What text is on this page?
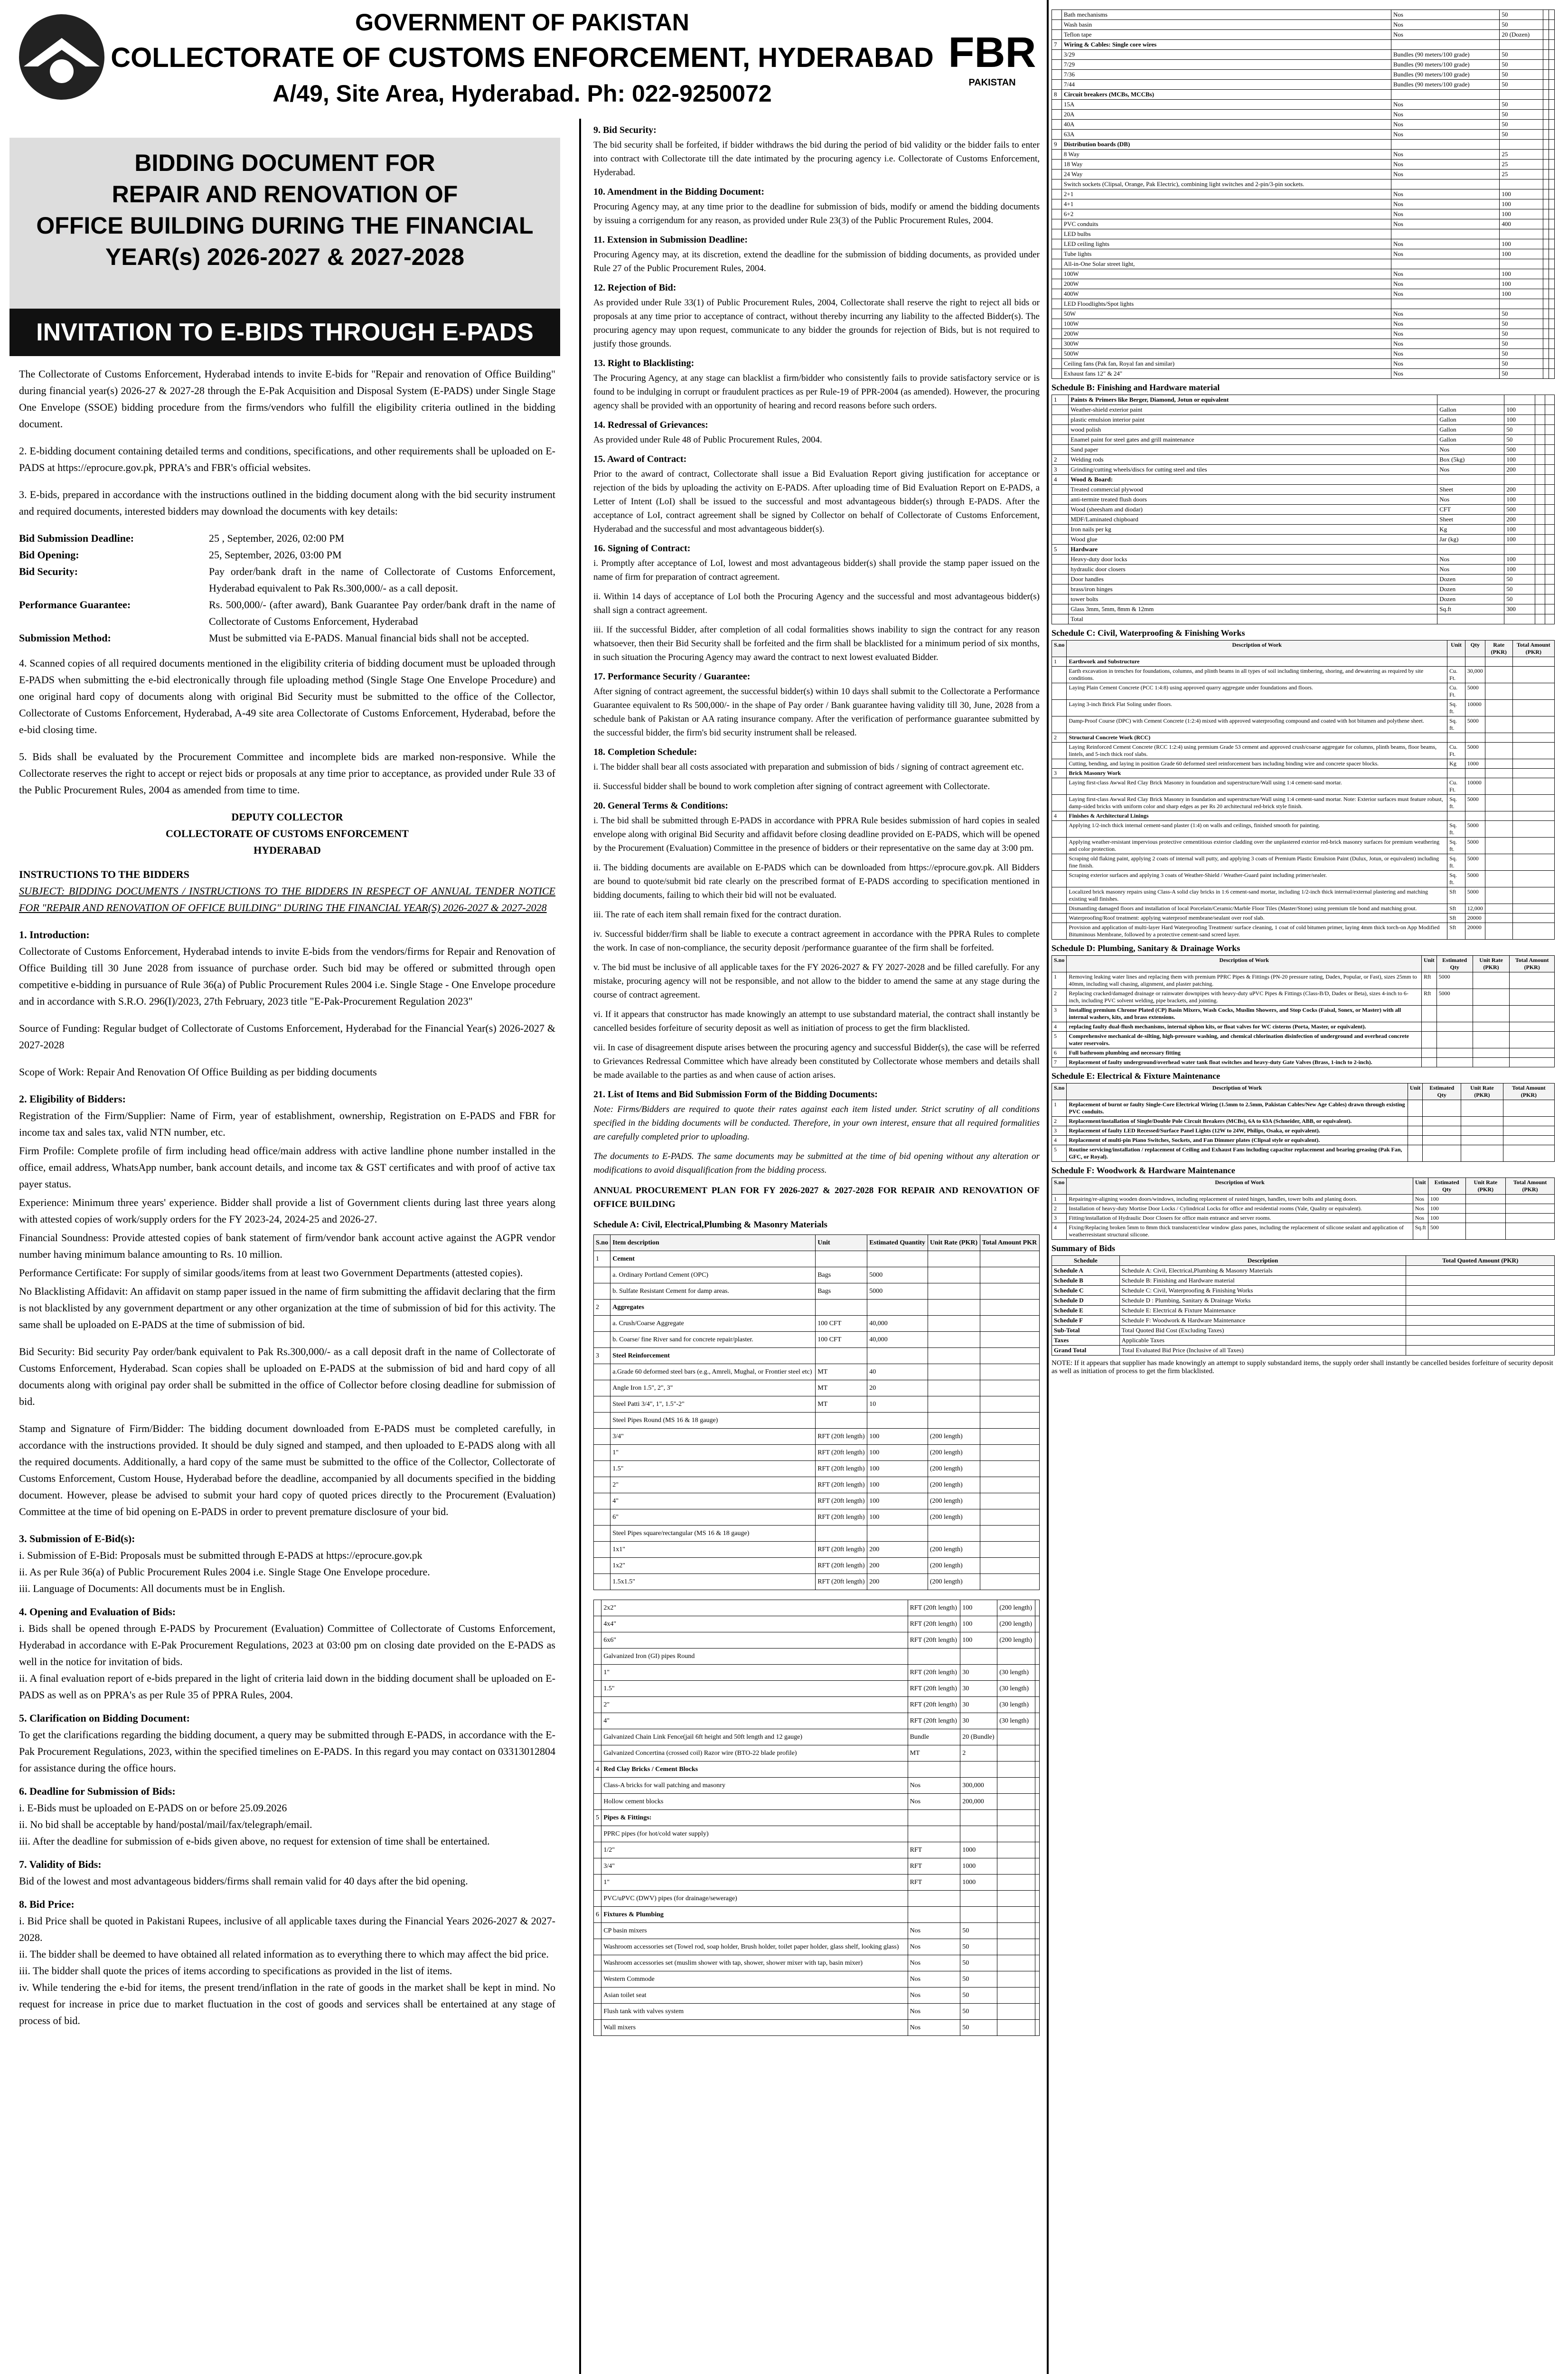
GOVERNMENT OF PAKISTAN
COLLECTORATE OF CUSTOMS ENFORCEMENT, HYDERABAD
A/49, Site Area, Hyderabad. Ph: 022-9250072
FBR
PAKISTAN
BIDDING DOCUMENT FOR
REPAIR AND RENOVATION OF
OFFICE BUILDING DURING THE FINANCIAL
YEAR(s) 2026-2027 & 2027-2028
INVITATION TO E-BIDS THROUGH E-PADS

The Collectorate of Customs Enforcement, Hyderabad intends to invite E-bids for "Repair and renovation of Office Building" during financial year(s) 2026-27 & 2027-28 through the E-Pak Acquisition and Disposal System (E-PADS) under Single Stage One Envelope (SSOE) bidding procedure from the firms/vendors who fulfill the eligibility criteria outlined in the bidding document.

2. E-bidding document containing detailed terms and conditions, specifications, and other requirements shall be uploaded on E-PADS at https://eprocure.gov.pk, PPRA's and FBR's official websites.

3. E-bids, prepared in accordance with the instructions outlined in the bidding document along with the bid security instrument and required documents, interested bidders may download the documents with key details:

Bid Submission Deadline:	25 , September, 2026, 02:00 PM
Bid Opening:	25, September, 2026, 03:00 PM
Bid Security:	Pay order/bank draft in the name of Collectorate of Customs Enforcement, Hyderabad equivalent to Pak Rs.300,000/- as a call deposit.
Performance Guarantee:	Rs. 500,000/- (after award), Bank Guarantee Pay order/bank draft in the name of Collectorate of Customs Enforcement, Hyderabad
Submission Method:	Must be submitted via E-PADS. Manual financial bids shall not be accepted.

4. Scanned copies of all required documents mentioned in the eligibility criteria of bidding document must be uploaded through E-PADS when submitting the e-bid electronically through file uploading method (Single Stage One Envelope Procedure) and one original hard copy of documents along with original Bid Security must be submitted to the office of the Collector, Collectorate of Customs Enforcement, Hyderabad, A-49 site area Collectorate of Customs Enforcement, Hyderabad, before the e-bid closing time.

5. Bids shall be evaluated by the Procurement Committee and incomplete bids are marked non-responsive. While the Collectorate reserves the right to accept or reject bids or proposals at any time prior to acceptance, as provided under Rule 33 of the Public Procurement Rules, 2004 as amended from time to time.

DEPUTY COLLECTOR
COLLECTORATE OF CUSTOMS ENFORCEMENT
HYDERABAD
INSTRUCTIONS TO THE BIDDERS

SUBJECT: BIDDING DOCUMENTS / INSTRUCTIONS TO THE BIDDERS IN RESPECT OF ANNUAL TENDER NOTICE FOR "REPAIR AND RENOVATION OF OFFICE BUILDING" DURING THE FINANCIAL YEAR(S) 2026-2027 & 2027-2028

1. Introduction:

Collectorate of Customs Enforcement, Hyderabad intends to invite E-bids from the vendors/firms for Repair and Renovation of Office Building till 30 June 2028 from issuance of purchase order. Such bid may be offered or submitted through open competitive e-bidding in pursuance of Rule 36(a) of Public Procurement Rules 2004 i.e. Single Stage - One Envelope procedure and in accordance with S.R.O. 296(I)/2023, 27th February, 2023 title "E-Pak-Procurement Regulation 2023"

Source of Funding: Regular budget of Collectorate of Customs Enforcement, Hyderabad for the Financial Year(s) 2026-2027 & 2027-2028

Scope of Work: Repair And Renovation Of Office Building as per bidding documents

2. Eligibility of Bidders:

Registration of the Firm/Supplier: Name of Firm, year of establishment, ownership, Registration on E-PADS and FBR for income tax and sales tax, valid NTN number, etc.

Firm Profile: Complete profile of firm including head office/main address with active landline phone number installed in the office, email address, WhatsApp number, bank account details, and income tax & GST certificates and with proof of active tax payer status.

Experience: Minimum three years' experience. Bidder shall provide a list of Government clients during last three years along with attested copies of work/supply orders for the FY 2023-24, 2024-25 and 2026-27.

Financial Soundness: Provide attested copies of bank statement of firm/vendor bank account active against the AGPR vendor number having minimum balance amounting to Rs. 10 million.

Performance Certificate: For supply of similar goods/items from at least two Government Departments (attested copies).

No Blacklisting Affidavit: An affidavit on stamp paper issued in the name of firm submitting the affidavit declaring that the firm is not blacklisted by any government department or any other organization at the time of submission of bid for this activity. The same shall be uploaded on E-PADS at the time of submission of bid.

Bid Security: Bid security Pay order/bank equivalent to Pak Rs.300,000/- as a call deposit draft in the name of Collectorate of Customs Enforcement, Hyderabad. Scan copies shall be uploaded on E-PADS at the submission of bid and hard copy of all documents along with original pay order shall be submitted in the office of Collector before closing deadline for submission of bid.

Stamp and Signature of Firm/Bidder: The bidding document downloaded from E-PADS must be completed carefully, in accordance with the instructions provided. It should be duly signed and stamped, and then uploaded to E-PADS along with all the required documents. Additionally, a hard copy of the same must be submitted to the office of the Collector, Collectorate of Customs Enforcement, Custom House, Hyderabad before the deadline, accompanied by all documents specified in the bidding document. However, please be advised to submit your hard copy of quoted prices directly to the Procurement (Evaluation) Committee at the time of bid opening on E-PADS in order to prevent premature disclosure of your bid.

3. Submission of E-Bid(s):
i. Submission of E-Bid: Proposals must be submitted through E-PADS at https://eprocure.gov.pk
ii. As per Rule 36(a) of Public Procurement Rules 2004 i.e. Single Stage One Envelope procedure.
iii. Language of Documents: All documents must be in English.
4. Opening and Evaluation of Bids:
i. Bids shall be opened through E-PADS by Procurement (Evaluation) Committee of Collectorate of Customs Enforcement, Hyderabad in accordance with E-Pak Procurement Regulations, 2023 at 03:00 pm on closing date provided on the E-PADS as well in the notice for invitation of bids.
ii. A final evaluation report of e-bids prepared in the light of criteria laid down in the bidding document shall be uploaded on E-PADS as well as on PPRA's as per Rule 35 of PPRA Rules, 2004.
5. Clarification on Bidding Document:
To get the clarifications regarding the bidding document, a query may be submitted through E-PADS, in accordance with the E-Pak Procurement Regulations, 2023, within the specified timelines on E-PADS. In this regard you may contact on 03313012804 for assistance during the office hours.
6. Deadline for Submission of Bids:
i. E-Bids must be uploaded on E-PADS on or before 25.09.2026
ii. No bid shall be acceptable by hand/postal/mail/fax/telegraph/email.
iii. After the deadline for submission of e-bids given above, no request for extension of time shall be entertained.
7. Validity of Bids:
Bid of the lowest and most advantageous bidders/firms shall remain valid for 40 days after the bid opening.
8. Bid Price:
i. Bid Price shall be quoted in Pakistani Rupees, inclusive of all applicable taxes during the Financial Years 2026-2027 & 2027-2028.
ii. The bidder shall be deemed to have obtained all related information as to everything there to which may affect the bid price.
iii. The bidder shall quote the prices of items according to specifications as provided in the list of items.
iv. While tendering the e-bid for items, the present trend/inflation in the rate of goods in the market shall be kept in mind. No request for increase in price due to market fluctuation in the cost of goods and services shall be entertained at any stage of process of bid.
9. Bid Security:

The bid security shall be forfeited, if bidder withdraws the bid during the period of bid validity or the bidder fails to enter into contract with Collectorate till the date intimated by the procuring agency i.e. Collectorate of Customs Enforcement, Hyderabad.

10. Amendment in the Bidding Document:

Procuring Agency may, at any time prior to the deadline for submission of bids, modify or amend the bidding documents by issuing a corrigendum for any reason, as provided under Rule 23(3) of the Public Procurement Rules, 2004.

11. Extension in Submission Deadline:

Procuring Agency may, at its discretion, extend the deadline for the submission of bidding documents, as provided under Rule 27 of the Public Procurement Rules, 2004.

12. Rejection of Bid:

As provided under Rule 33(1) of Public Procurement Rules, 2004, Collectorate shall reserve the right to reject all bids or proposals at any time prior to acceptance of contract, without thereby incurring any liability to the affected Bidder(s). The procuring agency may upon request, communicate to any bidder the grounds for rejection of Bids, but is not required to justify those grounds.

13. Right to Blacklisting:

The Procuring Agency, at any stage can blacklist a firm/bidder who consistently fails to provide satisfactory service or is found to be indulging in corrupt or fraudulent practices as per Rule-19 of PPR-2004 (as amended). However, the procuring agency shall be provided with an opportunity of hearing and record reasons before such orders.

14. Redressal of Grievances:

As provided under Rule 48 of Public Procurement Rules, 2004.

15. Award of Contract:

Prior to the award of contract, Collectorate shall issue a Bid Evaluation Report giving justification for acceptance or rejection of the bids by uploading the activity on E-PADS. After uploading time of Bid Evaluation Report on E-PADS, a Letter of Intent (LoI) shall be issued to the successful and most advantageous bidder(s) through E-PADS. After the acceptance of LoI, contract agreement shall be signed by Collector on behalf of Collectorate of Customs Enforcement, Hyderabad and the successful and most advantageous bidder(s).

16. Signing of Contract:

i. Promptly after acceptance of LoI, lowest and most advantageous bidder(s) shall provide the stamp paper issued on the name of firm for preparation of contract agreement.

ii. Within 14 days of acceptance of LoI both the Procuring Agency and the successful and most advantageous bidder(s) shall sign a contract agreement.

iii. If the successful Bidder, after completion of all codal formalities shows inability to sign the contract for any reason whatsoever, then their Bid Security shall be forfeited and the firm shall be blacklisted for a minimum period of six months, in such situation the Procuring Agency may award the contract to next lowest evaluated Bidder.

17. Performance Security / Guarantee:

After signing of contract agreement, the successful bidder(s) within 10 days shall submit to the Collectorate a Performance Guarantee equivalent to Rs 500,000/- in the shape of Pay order / Bank guarantee having validity till 30, June, 2028 from a schedule bank of Pakistan or AA rating insurance company. After the verification of performance guarantee submitted by the successful bidder, the firm's bid security instrument shall be released.

18. Completion Schedule:

i. The bidder shall bear all costs associated with preparation and submission of bids / signing of contract agreement etc.

ii. Successful bidder shall be bound to work completion after signing of contract agreement with Collectorate.

20. General Terms & Conditions:

i. The bid shall be submitted through E-PADS in accordance with PPRA Rule besides submission of hard copies in sealed envelope along with original Bid Security and affidavit before closing deadline provided on E-PADS, which will be opened by the Procurement (Evaluation) Committee in the presence of bidders or their representative on the same day at 3:00 pm.

ii. The bidding documents are available on E-PADS which can be downloaded from https://eprocure.gov.pk. All Bidders are bound to quote/submit bid rate clearly on the prescribed format of E-PADS according to specification mentioned in bidding documents, failing to which their bid will not be evaluated.

iii. The rate of each item shall remain fixed for the contract duration.

iv. Successful bidder/firm shall be liable to execute a contract agreement in accordance with the PPRA Rules to complete the work. In case of non-compliance, the security deposit /performance guarantee of the firm shall be forfeited.

v. The bid must be inclusive of all applicable taxes for the FY 2026-2027 & FY 2027-2028 and be filled carefully. For any mistake, procuring agency will not be responsible, and not allow to the bidder to amend the same at any stage during the course of contract agreement.

vi. If it appears that constructor has made knowingly an attempt to use substandard material, the contract shall instantly be cancelled besides forfeiture of security deposit as well as initiation of process to get the firm blacklisted.

vii. In case of disagreement dispute arises between the procuring agency and successful Bidder(s), the case will be referred to Grievances Redressal Committee which have already been constituted by Collectorate whose members and details shall be made available to the parties as and when cause of action arises.

21. List of Items and Bid Submission Form of the Bidding Documents:

Note: Firms/Bidders are required to quote their rates against each item listed under. Strict scrutiny of all conditions specified in the bidding documents will be conducted. Therefore, in your own interest, ensure that all required formalities are carefully completed prior to uploading.

The documents to E-PADS. The same documents may be submitted at the time of bid opening without any alteration or modifications to avoid disqualification from the bidding process.

ANNUAL PROCUREMENT PLAN FOR FY 2026-2027 & 2027-2028 FOR REPAIR AND RENOVATION OF OFFICE BUILDING
Schedule A: Civil, Electrical,Plumbing & Masonry Materials
S.no	Item description	Unit	Estimated Quantity	Unit Rate (PKR)	Total Amount PKR
1	Cement				
	a. Ordinary Portland Cement (OPC)	Bags	5000		
	b. Sulfate Resistant Cement for damp areas.	Bags	5000		
2	Aggregates				
	a. Crush/Coarse Aggregate	100 CFT	40,000		
	b. Coarse/ fine River sand for concrete repair/plaster.	100 CFT	40,000		
3	Steel Reinforcement				
	a.Grade 60 deformed steel bars (e.g., Amreli, Mughal, or Frontier steel etc)	MT	40		
	Angle Iron 1.5", 2", 3"	MT	20		
	Steel Patti 3/4", 1", 1.5"-2"	MT	10		
	Steel Pipes Round (MS 16 & 18 gauge)				
	3/4"	RFT (20ft length)	100	(200 length)	
	1"	RFT (20ft length)	100	(200 length)	
	1.5"	RFT (20ft length)	100	(200 length)	
	2"	RFT (20ft length)	100	(200 length)	
	4"	RFT (20ft length)	100	(200 length)	
	6"	RFT (20ft length)	100	(200 length)	
	Steel Pipes square/rectangular (MS 16 & 18 gauge)				
	1x1"	RFT (20ft length)	200	(200 length)	
	1x2"	RFT (20ft length)	200	(200 length)	
	1.5x1.5"	RFT (20ft length)	200	(200 length)	
	2x2"	RFT (20ft length)	100	(200 length)	
	4x4"	RFT (20ft length)	100	(200 length)	
	6x6"	RFT (20ft length)	100	(200 length)	
	Galvanized Iron (GI) pipes Round				
	1"	RFT (20ft length)	30	(30 length)	
	1.5"	RFT (20ft length)	30	(30 length)	
	2"	RFT (20ft length)	30	(30 length)	
	4"	RFT (20ft length)	30	(30 length)	
	Galvanized Chain Link Fence(jail 6ft height and 50ft length and 12 gauge)	Bundle	20 (Bundle)		
	Galvanized Concertina (crossed coil) Razor wire (BTO-22 blade profile)	MT	2		
4	Red Clay Bricks / Cement Blocks				
	Class-A bricks for wall patching and masonry	Nos	300,000		
	Hollow cement blocks	Nos	200,000		
5	Pipes & Fittings:				
	PPRC pipes (for hot/cold water supply)				
	1/2"	RFT	1000		
	3/4"	RFT	1000		
	1"	RFT	1000		
	PVC/uPVC (DWV) pipes (for drainage/sewerage)				
6	Fixtures & Plumbing				
	CP basin mixers	Nos	50		
	Washroom accessories set (Towel rod, soap holder, Brush holder, toilet paper holder, glass shelf, looking glass)	Nos	50		
	Washroom accessories set (muslim shower with tap, shower, shower mixer with tap, basin mixer)	Nos	50		
	Western Commode	Nos	50		
	Asian toilet seat	Nos	50		
	Flush tank with valves system	Nos	50		
	Wall mixers	Nos	50		
	Bath mechanisms	Nos	50		
	Wash basin	Nos	50		
	Teflon tape	Nos	20 (Dozen)		
7	Wiring & Cables: Single core wires				
	3/29	Bundles (90 meters/100 grade)	50		
	7/29	Bundles (90 meters/100 grade)	50		
	7/36	Bundles (90 meters/100 grade)	50		
	7/44	Bundles (90 meters/100 grade)	50		
8	Circuit breakers (MCBs, MCCBs)				
	15A	Nos	50		
	20A	Nos	50		
	40A	Nos	50		
	63A	Nos	50		
9	Distribution boards (DB)				
	8 Way	Nos	25		
	18 Way	Nos	25		
	24 Way	Nos	25		
	Switch sockets (Clipsal, Orange, Pak Electric), combining light switches and 2-pin/3-pin sockets.				
	2+1	Nos	100		
	4+1	Nos	100		
	6+2	Nos	100		
	PVC conduits	Nos	400		
	LED bulbs				
	LED ceiling lights	Nos	100		
	Tube lights	Nos	100		
	All-in-One Solar street light,				
	100W	Nos	100		
	200W	Nos	100		
	400W	Nos	100		
	LED Floodlights/Spot lights				
	50W	Nos	50		
	100W	Nos	50		
	200W	Nos	50		
	300W	Nos	50		
	500W	Nos	50		
	Ceiling fans (Pak fan, Royal fan and similar)	Nos	50		
	Exhaust fans 12" & 24"	Nos	50		
Schedule B: Finishing and Hardware material
1	Paints & Primers like Berger, Diamond, Jotun or equivalent				
	Weather-shield exterior paint	Gallon	100		
	plastic emulsion interior paint	Gallon	100		
	wood polish	Gallon	50		
	Enamel paint for steel gates and grill maintenance	Gallon	50		
	Sand paper	Nos	500		
2	Welding rods	Box (5kg)	100		
3	Grinding/cutting wheels/discs for cutting steel and tiles	Nos	200		
4	Wood & Board:				
	Treated commercial plywood	Sheet	200		
	anti-termite treated flush doors	Nos	100		
	Wood (sheesham and diodar)	CFT	500		
	MDF/Laminated chipboard	Sheet	200		
	Iron nails per kg	Kg	100		
	Wood glue	Jar (kg)	100		
5	Hardware				
	Heavy-duty door locks	Nos	100		
	hydraulic door closers	Nos	100		
	Door handles	Dozen	50		
	brass/iron hinges	Dozen	50		
	tower bolts	Dozen	50		
	Glass 3mm, 5mm, 8mm & 12mm	Sq.ft	300		
	Total				
Schedule C: Civil, Waterproofing & Finishing Works
S.no	Description of Work	Unit	Qty	Rate (PKR)	Total Amount (PKR)
1	Earthwork and Substructure				
	Earth excavation in trenches for foundations, columns, and plinth beams in all types of soil including timbering, shoring, and dewatering as required by site conditions.	Cu. Ft.	30,000		
	Laying Plain Cement Concrete (PCC 1:4:8) using approved quarry aggregate under foundations and floors.	Cu. Ft.	5000		
	Laying 3-inch Brick Flat Soling under floors.	Sq. ft.	10000		
	Damp-Proof Course (DPC) with Cement Concrete (1:2:4) mixed with approved waterproofing compound and coated with hot bitumen and polythene sheet.	Sq. ft.	5000		
2	Structural Concrete Work (RCC)				
	Laying Reinforced Cement Concrete (RCC 1:2:4) using premium Grade 53 cement and approved crush/coarse aggregate for columns, plinth beams, floor beams, lintels, and 5-inch thick roof slabs.	Cu. Ft.	5000		
	Cutting, bending, and laying in position Grade 60 deformed steel reinforcement bars including binding wire and concrete spacer blocks.	Kg	1000		
3	Brick Masonry Work				
	Laying first-class Awwal Red Clay Brick Masonry in foundation and superstructure/Wall using 1:4 cement-sand mortar.	Cu. Ft.	10000		
	Laying first-class Awwal Red Clay Brick Masonry in foundation and superstructure/Wall using 1:4 cement-sand mortar. Note: Exterior surfaces must feature robust, damp-sided bricks with uniform color and sharp edges as per Rs 20 architectural red-brick style finish.	Sq. ft.	5000		
4	Finishes & Architectural Linings				
	Applying 1/2-inch thick internal cement-sand plaster (1:4) on walls and ceilings, finished smooth for painting.	Sq. ft.	5000		
	Applying weather-resistant impervious protective cementitious exterior cladding over the unplastered exterior red-brick masonry surfaces for premium weathering and color protection.	Sq. ft.	5000		
	Scraping old flaking paint, applying 2 coats of internal wall putty, and applying 3 coats of Premium Plastic Emulsion Paint (Dulux, Jotun, or equivalent) including fine finish.	Sq. ft.	5000		
	Scraping exterior surfaces and applying 3 coats of Weather-Shield / Weather-Guard paint including primer/sealer.	Sq. ft.	5000		
	Localized brick masonry repairs using Class-A solid clay bricks in 1:6 cement-sand mortar, including 1/2-inch thick internal/external plastering and matching existing wall finishes.	Sft	5000		
	Dismantling damaged floors and installation of local Porcelain/Ceramic/Marble Floor Tiles (Master/Stone) using premium tile bond and matching grout.	Sft	12,000		
	Waterproofing/Roof treatment: applying waterproof membrane/sealant over roof slab.	Sft	20000		
	Provision and application of multi-layer Hard Waterproofing Treatment/ surface cleaning, 1 coat of cold bitumen primer, laying 4mm thick torch-on App Modified Bituminous Membrane, followed by a protective cement-sand screed layer.	Sft	20000		
Schedule D: Plumbing, Sanitary & Drainage Works
S.no	Description of Work	Unit	Estimated Qty	Unit Rate (PKR)	Total Amount (PKR)
1	Removing leaking water lines and replacing them with premium PPRC Pipes & Fittings (PN-20 pressure rating, Dadex, Popular, or Fast), sizes 25mm to 40mm, including wall chasing, alignment, and plaster patching.	Rft	5000		
2	Replacing cracked/damaged drainage or rainwater downpipes with heavy-duty uPVC Pipes & Fittings (Class-B/D, Dadex or Beta), sizes 4-inch to 6-inch, including PVC solvent welding, pipe brackets, and jointing.	Rft	5000		
3	Installing premium Chrome Plated (CP) Basin Mixers, Wash Cocks, Muslim Showers, and Stop Cocks (Faisal, Sonex, or Master) with all internal washers, kits, and brass extensions.				
4	replacing faulty dual-flush mechanisms, internal siphon kits, or float valves for WC cisterns (Porta, Master, or equivalent).				
5	Comprehensive mechanical de-silting, high-pressure washing, and chemical chlorination disinfection of underground and overhead concrete water reservoirs.				
6	Full bathroom plumbing and necessary fitting				
7	Replacement of faulty underground/overhead water tank float switches and heavy-duty Gate Valves (Brass, 1-inch to 2-inch).				
Schedule E: Electrical & Fixture Maintenance
S.no	Description of Work	Unit	Estimated Qty	Unit Rate (PKR)	Total Amount (PKR)
1	Replacement of burnt or faulty Single-Core Electrical Wiring (1.5mm to 2.5mm, Pakistan Cables/New Age Cables) drawn through existing PVC conduits.				
2	Replacement/installation of Single/Double Pole Circuit Breakers (MCBs), 6A to 63A (Schneider, ABB, or equivalent).				
3	Replacement of faulty LED Recessed/Surface Panel Lights (12W to 24W, Philips, Osaka, or equivalent).				
4	Replacement of multi-pin Piano Switches, Sockets, and Fan Dimmer plates (Clipsal style or equivalent).				
5	Routine servicing/installation / replacement of Ceiling and Exhaust Fans including capacitor replacement and bearing greasing (Pak Fan, GFC, or Royal).				
Schedule F: Woodwork & Hardware Maintenance
S.no	Description of Work	Unit	Estimated Qty	Unit Rate (PKR)	Total Amount (PKR)
1	Repairing/re-aligning wooden doors/windows, including replacement of rusted hinges, handles, tower bolts and planing doors.	Nos	100		
2	Installation of heavy-duty Mortise Door Locks / Cylindrical Locks for office and residential rooms (Yale, Quality or equivalent).	Nos	100		
3	Fitting/installation of Hydraulic Door Closers for office main entrance and server rooms.	Nos	100		
4	Fixing/Replacing broken 5mm to 8mm thick translucent/clear window glass panes, including the replacement of silicone sealant and application of weatherresistant structural silicone.	Sq.ft	500		
Summary of Bids
Schedule	Description	Total Quoted Amount (PKR)
Schedule A	Schedule A: Civil, Electrical,Plumbing & Masonry Materials	
Schedule B	Schedule B: Finishing and Hardware material	
Schedule C	Schedule C: Civil, Waterproofing & Finishing Works	
Schedule D	Schedule D : Plumbing, Sanitary & Drainage Works	
Schedule E	Schedule E: Electrical & Fixture Maintenance	
Schedule F	Schedule F: Woodwork & Hardware Maintenance	
Sub-Total	Total Quoted Bid Cost (Excluding Taxes)	
Taxes	Applicable Taxes	
Grand Total	Total Evaluated Bid Price (Inclusive of all Taxes)	
NOTE: If it appears that supplier has made knowingly an attempt to supply substandard items, the supply order shall instantly be cancelled besides forfeiture of security deposit as well as initiation of process to get the firm blacklisted.
